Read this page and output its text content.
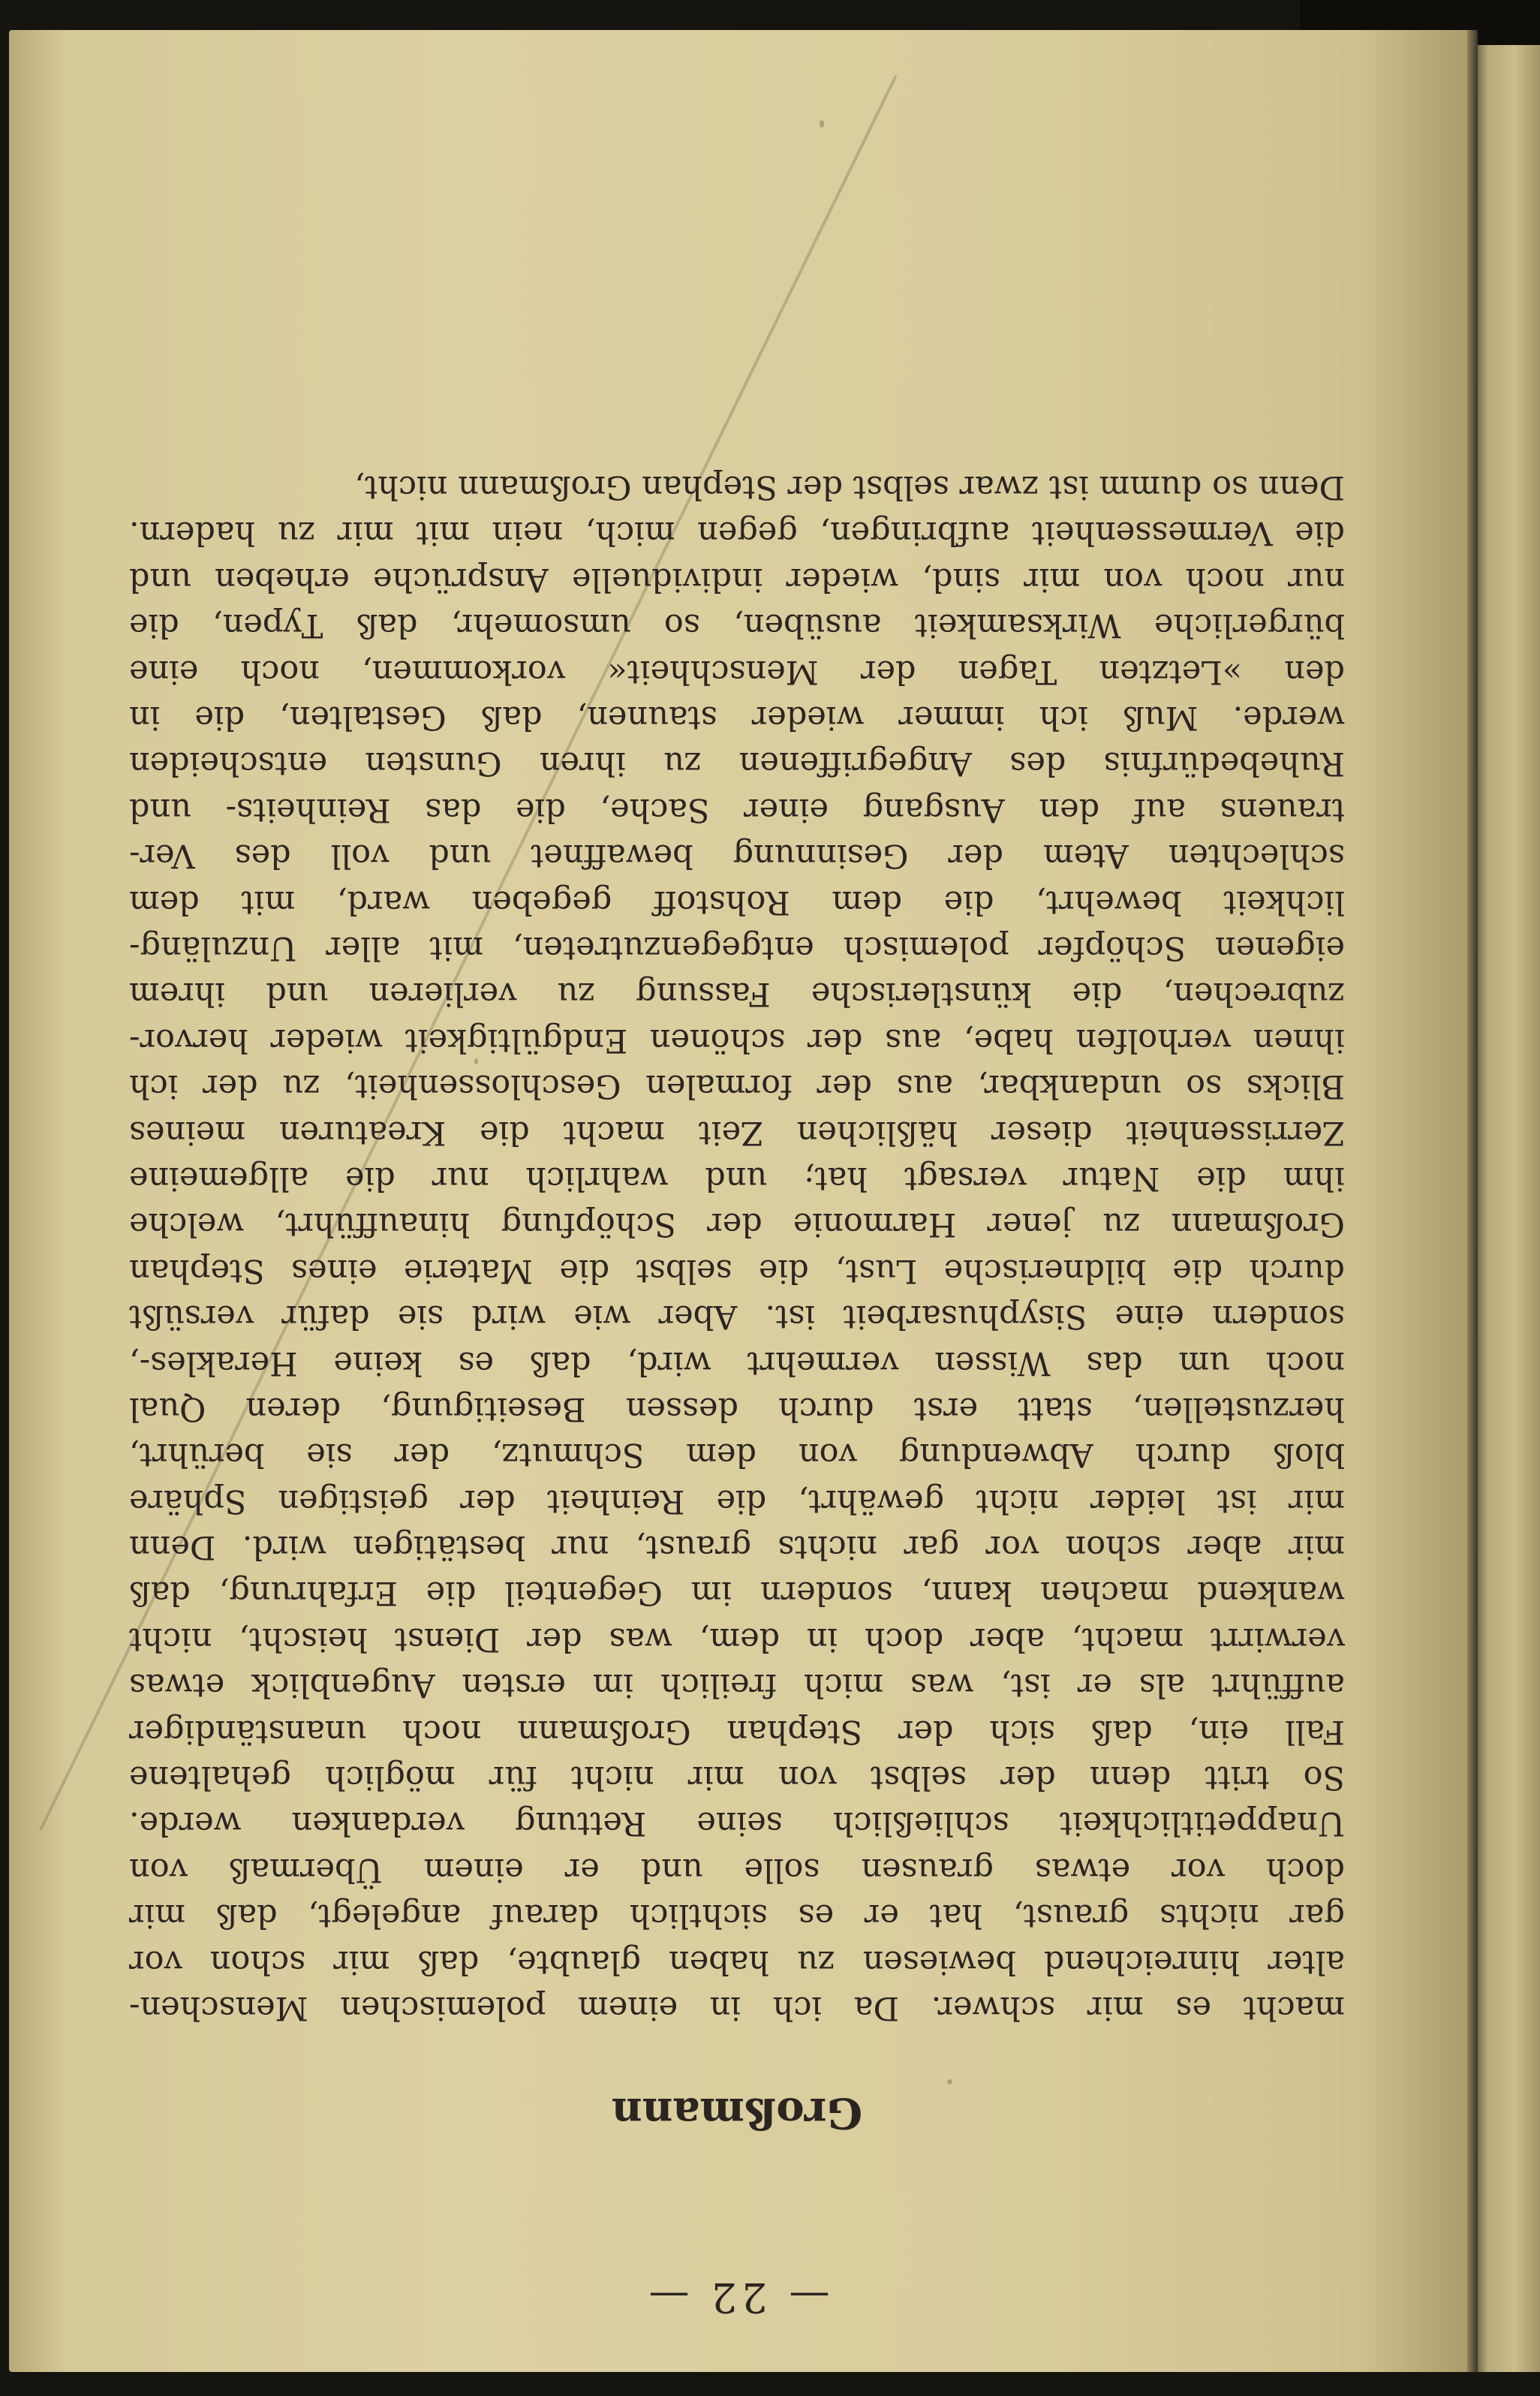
— 22 —
Großmann
macht es mir schwer. Da ich in einem polemischen Menschen-
alter hinreichend bewiesen zu haben glaubte, daß mir schon vor
gar nichts graust, hat er es sichtlich darauf angelegt, daß mir
doch vor etwas grausen solle und er einem Übermaß von
Unappetitlichkeit schließlich seine Rettung verdanken werde.
So tritt denn der selbst von mir nicht für möglich gehaltene
Fall ein, daß sich der Stephan Großmann noch unanständiger
aufführt als er ist, was mich freilich im ersten Augenblick etwas
verwirrt macht, aber doch in dem, was der Dienst heischt, nicht
wankend machen kann, sondern im Gegenteil die Erfahrung, daß
mir aber schon vor gar nichts graust, nur bestätigen wird. Denn
mir ist leider nicht gewährt, die Reinheit der geistigen Sphäre
bloß durch Abwendung von dem Schmutz, der sie berührt,
herzustellen, statt erst durch dessen Beseitigung, deren Qual
noch um das Wissen vermehrt wird, daß es keine Herakles-,
sondern eine Sisyphusarbeit ist. Aber wie wird sie dafür versüßt
durch die bildnerische Lust, die selbst die Materie eines Stephan
Großmann zu jener Harmonie der Schöpfung hinaufführt, welche
ihm die Natur versagt hat; und wahrlich nur die allgemeine
Zerrissenheit dieser häßlichen Zeit macht die Kreaturen meines
Blicks so undankbar, aus der formalen Geschlossenheit, zu der ich
ihnen verholfen habe, aus der schönen Endgültigkeit wieder hervor-
zubrechen, die künstlerische Fassung zu verlieren und ihrem
eigenen Schöpfer polemisch entgegenzutreten, mit aller Unzuläng-
lichkeit bewehrt, die dem Rohstoff gegeben ward, mit dem
schlechten Atem der Gesinnung bewaffnet und voll des Ver-
trauens auf den Ausgang einer Sache, die das Reinheits- und
Ruhebedürfnis des Angegriffenen zu ihren Gunsten entscheiden
werde. Muß ich immer wieder staunen, daß Gestalten, die in
den »Letzten Tagen der Menschheit« vorkommen, noch eine
bürgerliche Wirksamkeit ausüben, so umsomehr, daß Typen, die
nur noch von mir sind, wieder individuelle Ansprüche erheben und
die Vermessenheit aufbringen, gegen mich, nein mit mir zu hadern.
Denn so dumm ist zwar selbst der Stephan Großmann nicht,
